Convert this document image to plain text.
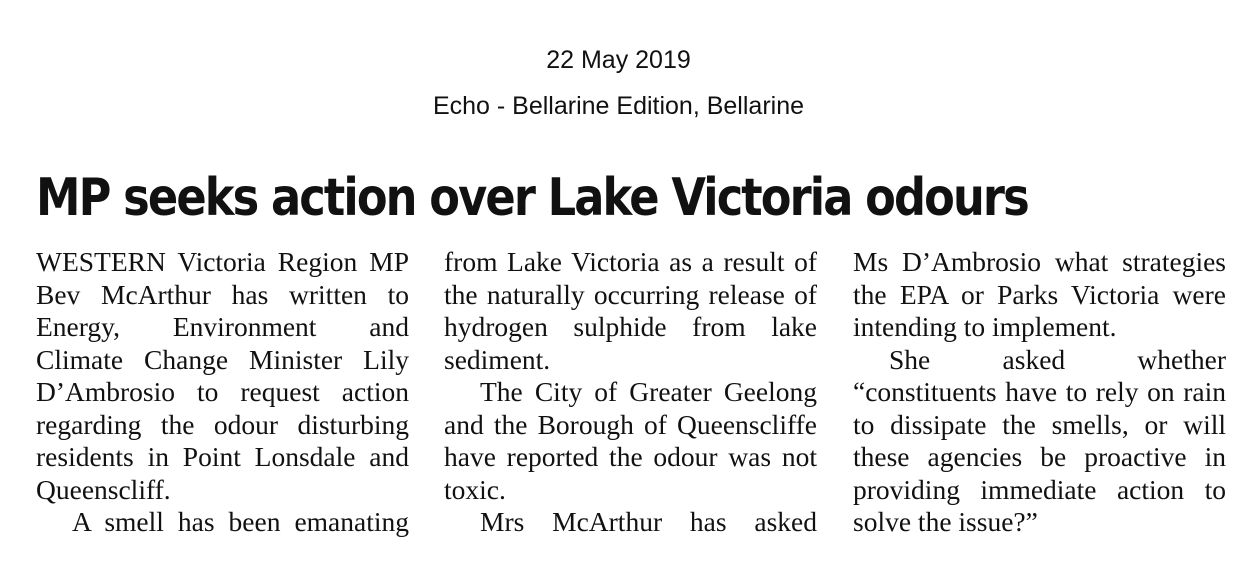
22 May 2019
Echo - Bellarine Edition, Bellarine
MP seeks action over Lake Victoria odours

WESTERN Victoria Region MP Bev McArthur has written to Energy, Environment and Climate Change Minister Lily D’Ambrosio to request action regarding the odour disturbing residents in Point Lonsdale and Queenscliff.

A smell has been emanating

from Lake Victoria as a result of the naturally occurring release of hydrogen sulphide from lake sediment.

The City of Greater Geelong and the Borough of Queenscliffe have reported the odour was not toxic.

Mrs McArthur has asked

Ms D’Ambrosio what strategies the EPA or Parks Victoria were intending to implement.

She asked whether “constituents have to rely on rain to dissipate the smells, or will these agencies be proactive in providing immediate action to solve the issue?”
